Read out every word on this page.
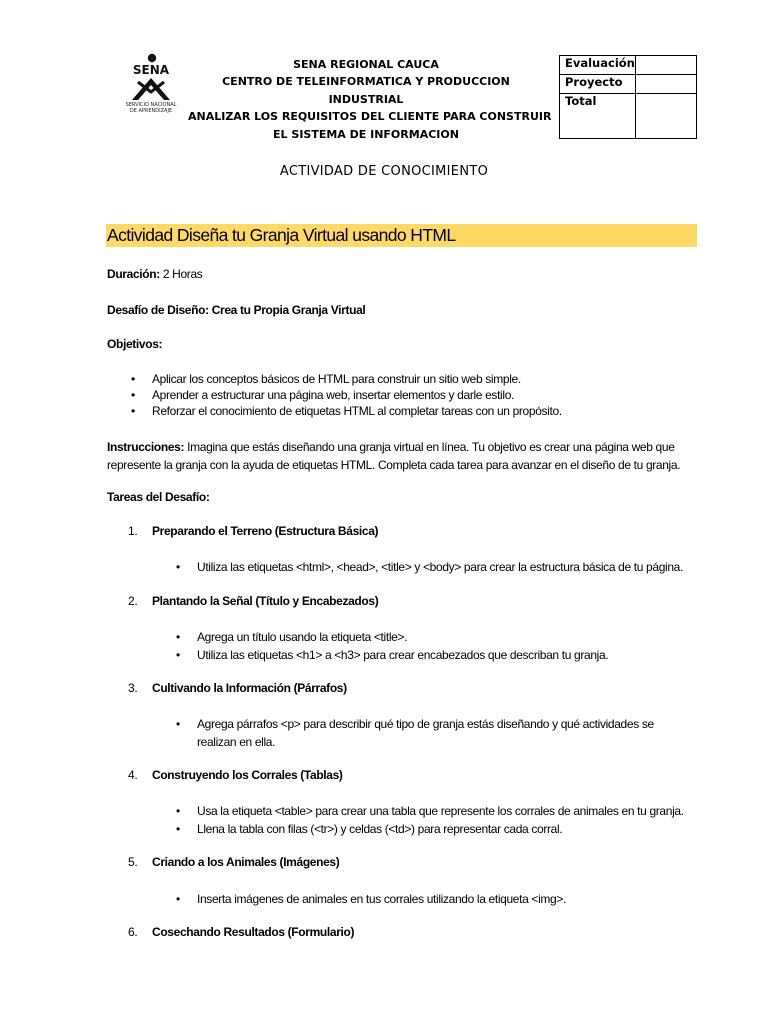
SENA
SERVICIO NACIONAL
DE APRENDIZAJE
SENA REGIONAL CAUCA
CENTRO DE TELEINFORMATICA Y PRODUCCION
INDUSTRIAL
ANALIZAR LOS REQUISITOS DEL CLIENTE PARA CONSTRUIR
EL SISTEMA DE INFORMACION
Evaluación	
Proyecto	
Total	
ACTIVIDAD DE CONOCIMIENTO
Actividad Diseña tu Granja Virtual usando HTML
Duración: 2 Horas
Desafío de Diseño: Crea tu Propia Granja Virtual
Objetivos:
• Aplicar los conceptos básicos de HTML para construir un sitio web simple.
• Aprender a estructurar una página web, insertar elementos y darle estilo.
• Reforzar el conocimiento de etiquetas HTML al completar tareas con un propósito.
Instrucciones: Imagina que estás diseñando una granja virtual en línea. Tu objetivo es crear una página web que
represente la granja con la ayuda de etiquetas HTML. Completa cada tarea para avanzar en el diseño de tu granja.
Tareas del Desafío:
1.	Preparando el Terreno (Estructura Básica)
• Utiliza las etiquetas <html>, <head>, <title> y <body> para crear la estructura básica de tu página.
2.	Plantando la Señal (Título y Encabezados)
• Agrega un título usando la etiqueta <title>.
• Utiliza las etiquetas <h1> a <h3> para crear encabezados que describan tu granja.
3.	Cultivando la Información (Párrafos)
• Agrega párrafos <p> para describir qué tipo de granja estás diseñando y qué actividades se realizan en ella.
4.	Construyendo los Corrales (Tablas)
• Usa la etiqueta <table> para crear una tabla que represente los corrales de animales en tu granja.
• Llena la tabla con filas (<tr>) y celdas (<td>) para representar cada corral.
5.	Criando a los Animales (Imágenes)
• Inserta imágenes de animales en tus corrales utilizando la etiqueta <img>.
6.	Cosechando Resultados (Formulario)
